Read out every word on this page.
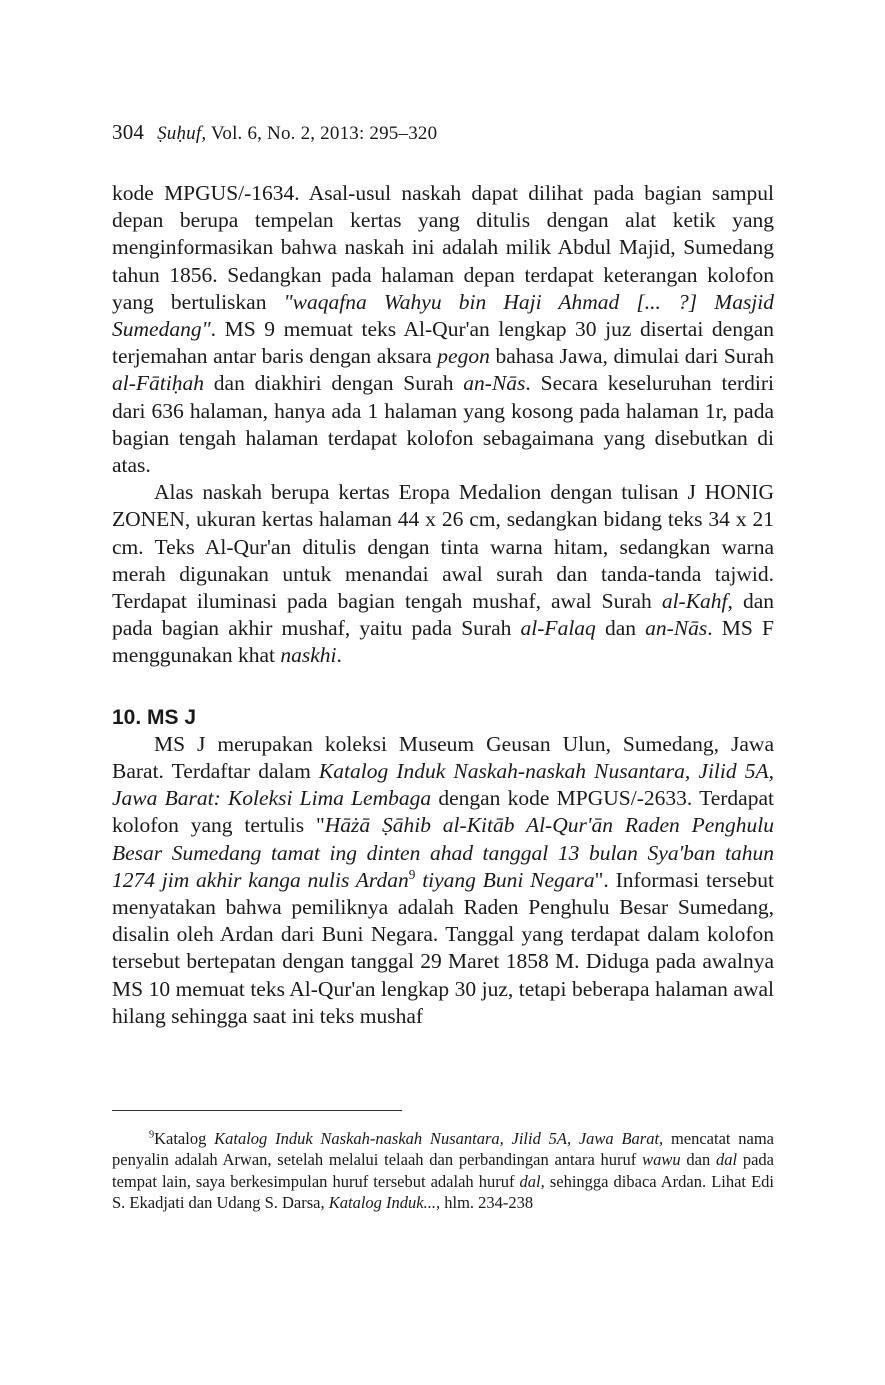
304 Ṣuḥuf, Vol. 6, No. 2, 2013: 295–320

kode MPGUS/-1634. Asal-usul naskah dapat dilihat pada bagian sampul depan berupa tempelan kertas yang ditulis dengan alat ketik yang menginformasikan bahwa naskah ini adalah milik Abdul Majid, Sumedang tahun 1856. Sedangkan pada halaman depan terdapat keterangan kolofon yang bertuliskan "waqafna Wahyu bin Haji Ahmad [... ?] Masjid Sumedang". MS 9 memuat teks Al-Qur'an lengkap 30 juz disertai dengan terjemahan antar baris dengan aksara pegon bahasa Jawa, dimulai dari Surah al-Fātiḥah dan diakhiri dengan Surah an-Nās. Secara keseluruhan terdiri dari 636 halaman, hanya ada 1 halaman yang kosong pada halaman 1r, pada bagian tengah halaman terdapat kolofon sebagaimana yang disebutkan di atas.

Alas naskah berupa kertas Eropa Medalion dengan tulisan J HONIG ZONEN, ukuran kertas halaman 44 x 26 cm, sedangkan bidang teks 34 x 21 cm. Teks Al-Qur'an ditulis dengan tinta warna hitam, sedangkan warna merah digunakan untuk menandai awal surah dan tanda-tanda tajwid. Terdapat iluminasi pada bagian tengah mushaf, awal Surah al-Kahf, dan pada bagian akhir mushaf, yaitu pada Surah al-Falaq dan an-Nās. MS F menggunakan khat naskhi.

10. MS J

MS J merupakan koleksi Museum Geusan Ulun, Sumedang, Jawa Barat. Terdaftar dalam Katalog Induk Naskah-naskah Nusantara, Jilid 5A, Jawa Barat: Koleksi Lima Lembaga dengan kode MPGUS/-2633. Terdapat kolofon yang tertulis "Hāżā Ṣāhib al-Kitāb Al-Qur'ān Raden Penghulu Besar Sumedang tamat ing dinten ahad tanggal 13 bulan Sya'ban tahun 1274 jim akhir kanga nulis Ardan$^9$ tiyang Buni Negara". Informasi tersebut menyatakan bahwa pemiliknya adalah Raden Penghulu Besar Sumedang, disalin oleh Ardan dari Buni Negara. Tanggal yang terdapat dalam kolofon tersebut bertepatan dengan tanggal 29 Maret 1858 M. Diduga pada awalnya MS 10 memuat teks Al-Qur'an lengkap 30 juz, tetapi beberapa halaman awal hilang sehingga saat ini teks mushaf

$^9$Katalog Katalog Induk Naskah-naskah Nusantara, Jilid 5A, Jawa Barat, mencatat nama penyalin adalah Arwan, setelah melalui telaah dan perbandingan antara huruf wawu dan dal pada tempat lain, saya berkesimpulan huruf tersebut adalah huruf dal, sehingga dibaca Ardan. Lihat Edi S. Ekadjati dan Udang S. Darsa, Katalog Induk..., hlm. 234-238
